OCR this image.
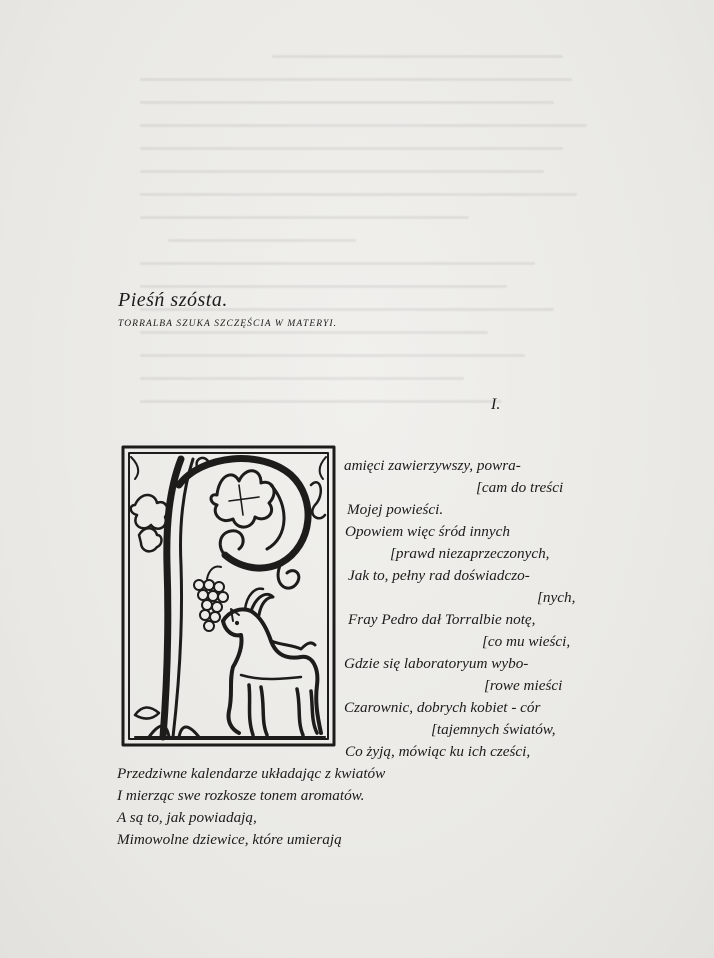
Pieśń szósta.

TORRALBA SZUKA SZCZĘŚCIA W MATERYI.

I.
amięci zawierzywszy, powra-
[cam do treści
Mojej powieści.
Opowiem więc śród innych
[prawd niezaprzeczonych,
Jak to, pełny rad doświadczo-
[nych,
Fray Pedro dał Torralbie notę,
[co mu wieści,
Gdzie się laboratoryum wybo-
[rowe mieści
Czarownic, dobrych kobiet - cór
[tajemnych światów,
Co żyją, mówiąc ku ich cześci,
Przedziwne kalendarze układając z kwiatów
I mierząc swe rozkosze tonem aromatów.
A są to, jak powiadają,
Mimowolne dziewice, które umierają
